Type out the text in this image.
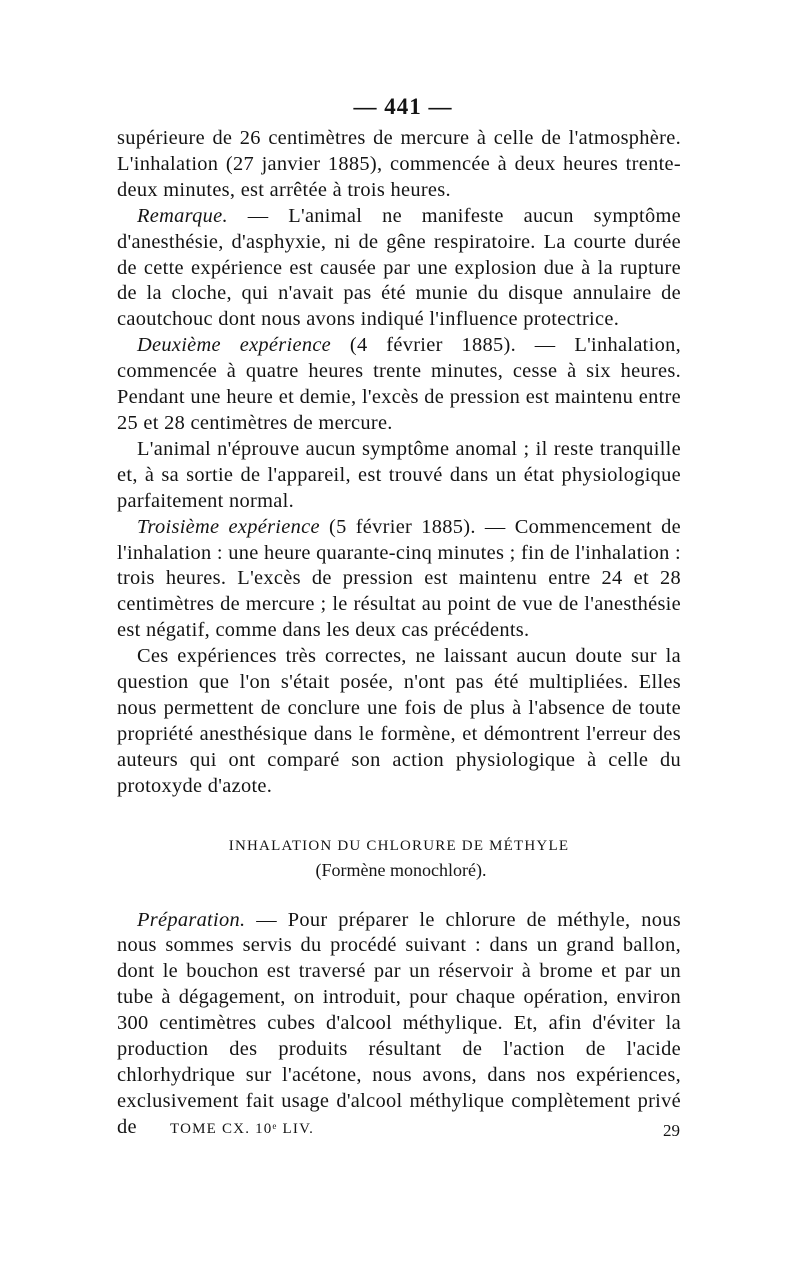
— 441 —

supérieure de 26 centimètres de mercure à celle de l'atmosphère. L'inhalation (27 janvier 1885), commencée à deux heures trente-deux minutes, est arrêtée à trois heures.

Remarque. — L'animal ne manifeste aucun symptôme d'anesthésie, d'asphyxie, ni de gêne respiratoire. La courte durée de cette expérience est causée par une explosion due à la rupture de la cloche, qui n'avait pas été munie du disque annulaire de caoutchouc dont nous avons indiqué l'influence protectrice.

Deuxième expérience (4 février 1885). — L'inhalation, commencée à quatre heures trente minutes, cesse à six heures. Pendant une heure et demie, l'excès de pression est maintenu entre 25 et 28 centimètres de mercure.

L'animal n'éprouve aucun symptôme anomal ; il reste tranquille et, à sa sortie de l'appareil, est trouvé dans un état physiologique parfaitement normal.

Troisième expérience (5 février 1885). — Commencement de l'inhalation : une heure quarante-cinq minutes ; fin de l'inhalation : trois heures. L'excès de pression est maintenu entre 24 et 28 centimètres de mercure ; le résultat au point de vue de l'anesthésie est négatif, comme dans les deux cas précédents.

Ces expériences très correctes, ne laissant aucun doute sur la question que l'on s'était posée, n'ont pas été multipliées. Elles nous permettent de conclure une fois de plus à l'absence de toute propriété anesthésique dans le formène, et démontrent l'erreur des auteurs qui ont comparé son action physiologique à celle du protoxyde d'azote.

INHALATION DU CHLORURE DE MÉTHYLE
(Formène monochloré).

Préparation. — Pour préparer le chlorure de méthyle, nous nous sommes servis du procédé suivant : dans un grand ballon, dont le bouchon est traversé par un réservoir à brome et par un tube à dégagement, on introduit, pour chaque opération, environ 300 centimètres cubes d'alcool méthylique. Et, afin d'éviter la production des produits résultant de l'action de l'acide chlorhydrique sur l'acétone, nous avons, dans nos expériences, exclusivement fait usage d'alcool méthylique complètement privé de	TOME CX. 10ᵉ LIV.	29
